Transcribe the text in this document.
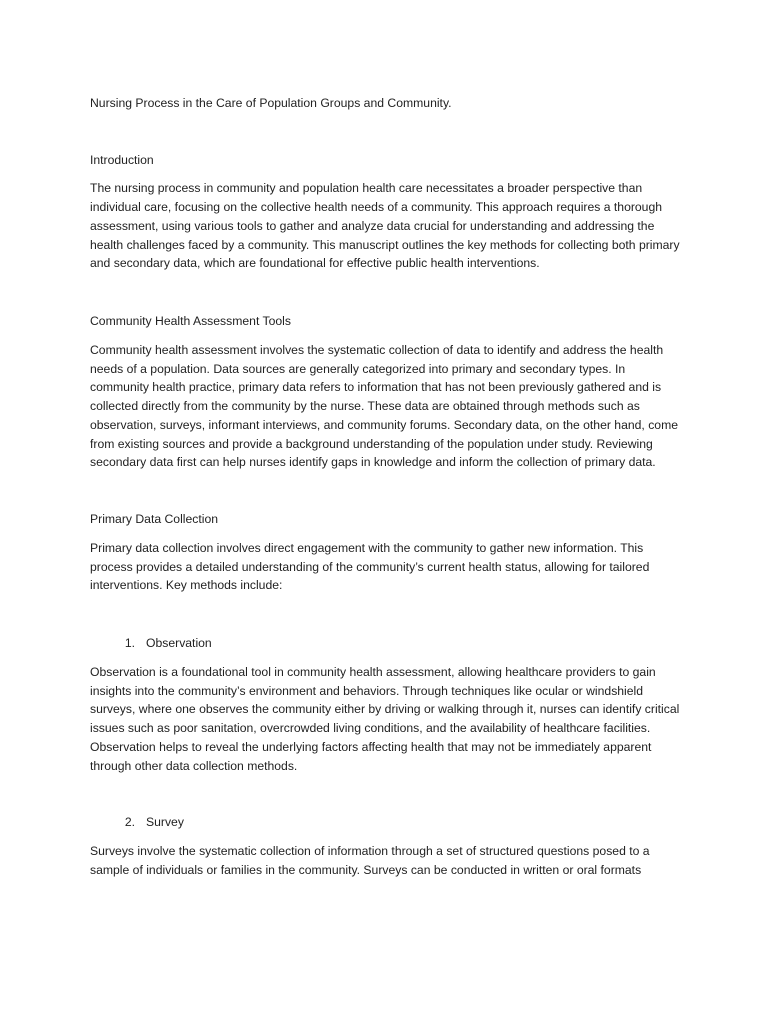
Nursing Process in the Care of Population Groups and Community.

Introduction

The nursing process in community and population health care necessitates a broader perspective than individual care, focusing on the collective health needs of a community. This approach requires a thorough assessment, using various tools to gather and analyze data crucial for understanding and addressing the health challenges faced by a community. This manuscript outlines the key methods for collecting both primary and secondary data, which are foundational for effective public health interventions.

Community Health Assessment Tools

Community health assessment involves the systematic collection of data to identify and address the health needs of a population. Data sources are generally categorized into primary and secondary types. In community health practice, primary data refers to information that has not been previously gathered and is collected directly from the community by the nurse. These data are obtained through methods such as observation, surveys, informant interviews, and community forums. Secondary data, on the other hand, come from existing sources and provide a background understanding of the population under study. Reviewing secondary data first can help nurses identify gaps in knowledge and inform the collection of primary data.

Primary Data Collection

Primary data collection involves direct engagement with the community to gather new information. This process provides a detailed understanding of the community’s current health status, allowing for tailored interventions. Key methods include:

1. Observation

Observation is a foundational tool in community health assessment, allowing healthcare providers to gain insights into the community’s environment and behaviors. Through techniques like ocular or windshield surveys, where one observes the community either by driving or walking through it, nurses can identify critical issues such as poor sanitation, overcrowded living conditions, and the availability of healthcare facilities. Observation helps to reveal the underlying factors affecting health that may not be immediately apparent through other data collection methods.

2. Survey

Surveys involve the systematic collection of information through a set of structured questions posed to a sample of individuals or families in the community. Surveys can be conducted in written or oral formats
